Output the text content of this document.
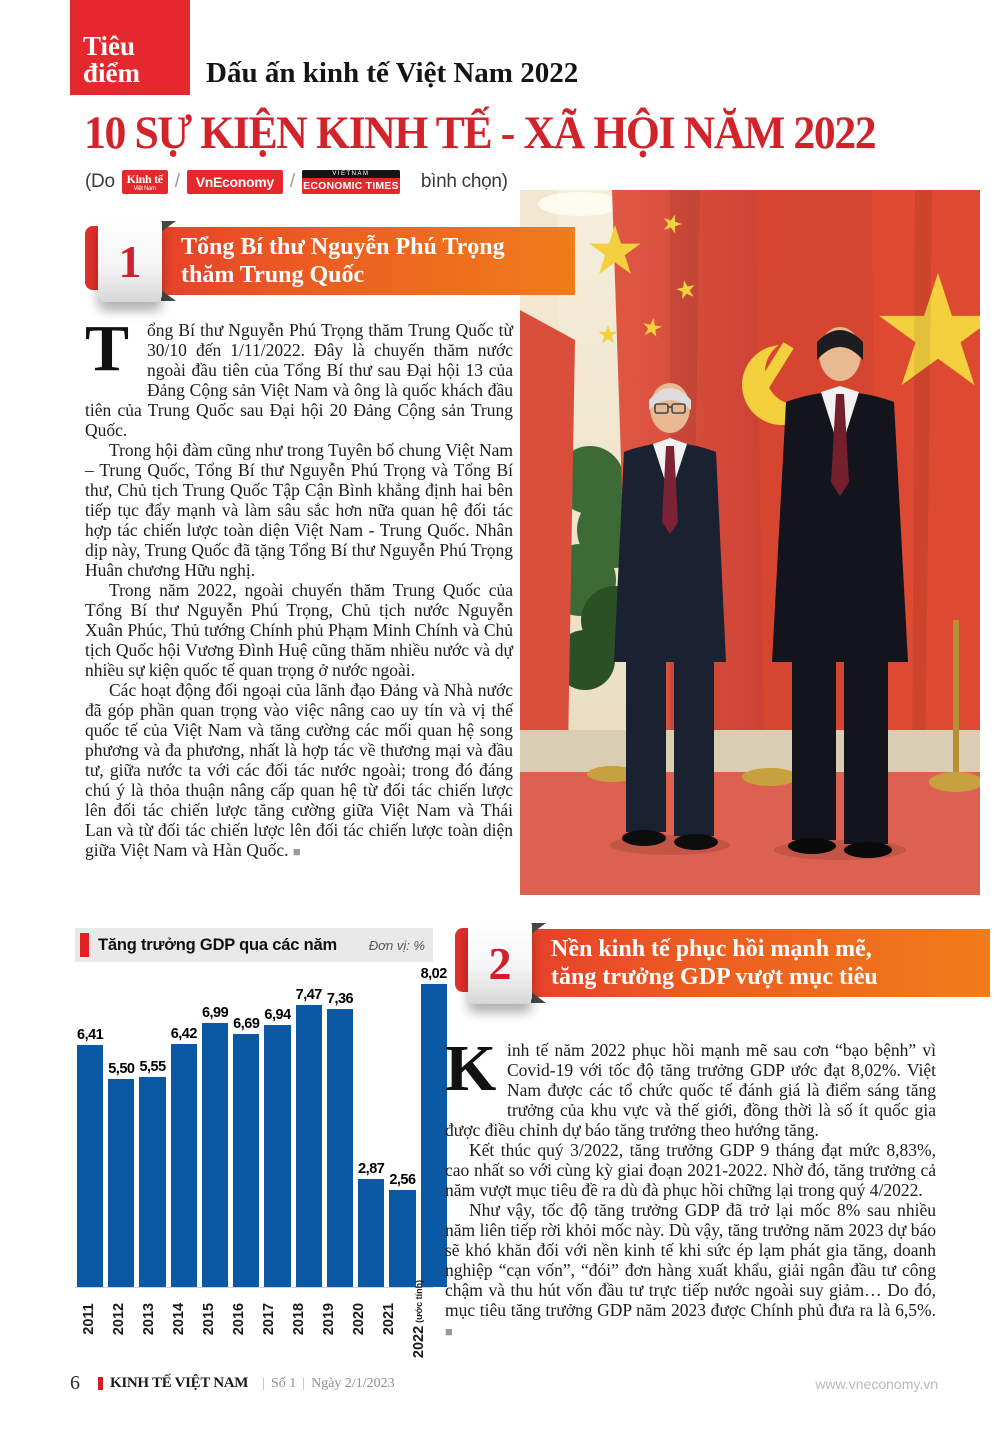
Tiêu điểm	Dấu ấn kinh tế Việt Nam 2022
10 SỰ KIỆN KINH TẾ - XÃ HỘI NĂM 2022
(Do Kinh tế
Việt Nam /	VnEconomy /	VIETNAM
ECONOMIC TIMES bình chọn)
Tổng Bí thư Nguyễn Phú Trọng
thăm Trung Quốc
1

T	ổng Bí thư Nguyễn Phú Trọng thăm Trung Quốc từ 30/10 đến 1/11/2022. Đây là chuyến thăm nước ngoài đầu tiên của Tổng Bí thư sau Đại hội 13 của Đảng Cộng sản Việt Nam và ông là quốc khách đầu tiên của Trung Quốc sau Đại hội 20 Đảng Cộng sản Trung Quốc.

Trong hội đàm cũng như trong Tuyên bố chung Việt Nam – Trung Quốc, Tổng Bí thư Nguyễn Phú Trọng và Tổng Bí thư, Chủ tịch Trung Quốc Tập Cận Bình khẳng định hai bên tiếp tục đẩy mạnh và làm sâu sắc hơn nữa quan hệ đối tác hợp tác chiến lược toàn diện Việt Nam - Trung Quốc. Nhân dịp này, Trung Quốc đã tặng Tổng Bí thư Nguyễn Phú Trọng Huân chương Hữu nghị.

Trong năm 2022, ngoài chuyến thăm Trung Quốc của Tổng Bí thư Nguyễn Phú Trọng, Chủ tịch nước Nguyễn Xuân Phúc, Thủ tướng Chính phủ Phạm Minh Chính và Chủ tịch Quốc hội Vương Đình Huệ cũng thăm nhiều nước và dự nhiều sự kiện quốc tế quan trọng ở nước ngoài.

Các hoạt động đối ngoại của lãnh đạo Đảng và Nhà nước đã góp phần quan trọng vào việc nâng cao uy tín và vị thế quốc tế của Việt Nam và tăng cường các mối quan hệ song phương và đa phương, nhất là hợp tác về thương mại và đầu tư, giữa nước ta với các đối tác nước ngoài; trong đó đáng chú ý là thỏa thuận nâng cấp quan hệ từ đối tác chiến lược lên đối tác chiến lược tăng cường giữa Việt Nam và Thái Lan và từ đối tác chiến lược lên đối tác chiến lược toàn diện giữa Việt Nam và Hàn Quốc. ■

Tăng trưởng GDP qua các năm	Đơn vị: %
6,41
5,50 5,55
6,42
6,99
6,69
6,94
7,47 7,36
2,87
2,56
8,02
2011 2012 2013 2014 2015 2016 2017 2018 2019 2020 2021
2022
(ước tính)
Nền kinh tế phục hồi mạnh mẽ,
tăng trưởng GDP vượt mục tiêu
2

Kinh tế năm 2022 phục hồi mạnh mẽ sau cơn “bạo bệnh” vì Covid-19 với tốc độ tăng trưởng GDP ước đạt 8,02%. Việt Nam được các tổ chức quốc tế đánh giá là điểm sáng tăng trưởng của khu vực và thế giới, đồng thời là số ít quốc gia được điều chỉnh dự báo tăng trưởng theo hướng tăng.

Kết thúc quý 3/2022, tăng trưởng GDP 9 tháng đạt mức 8,83%, cao nhất so với cùng kỳ giai đoạn 2021-2022. Nhờ đó, tăng trưởng cả năm vượt mục tiêu đề ra dù đà phục hồi chững lại trong quý 4/2022.

Như vậy, tốc độ tăng trưởng GDP đã trở lại mốc 8% sau nhiều năm liên tiếp rời khỏi mốc này. Dù vậy, tăng trưởng năm 2023 dự báo sẽ khó khăn đối với nền kinh tế khi sức ép lạm phát gia tăng, doanh nghiệp “cạn vốn”, “đói” đơn hàng xuất khẩu, giải ngân đầu tư công chậm và thu hút vốn đầu tư trực tiếp nước ngoài suy giảm… Do đó, mục tiêu tăng trưởng GDP năm 2023 được Chính phủ đưa ra là 6,5%. ■

6 KINH TẾ VIỆT NAM | Số 1 | Ngày 2/1/2023	www.vneconomy.vn
